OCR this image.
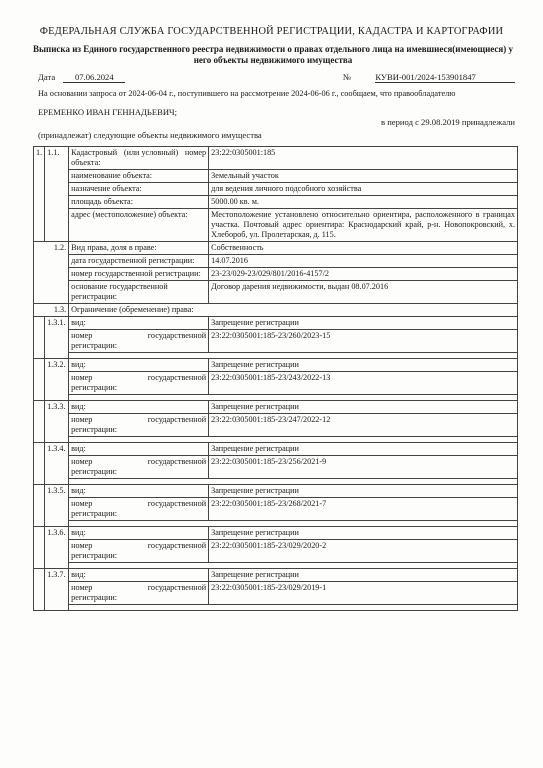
ФЕДЕРАЛЬНАЯ СЛУЖБА ГОСУДАРСТВЕННОЙ РЕГИСТРАЦИИ, КАДАСТРА И КАРТОГРАФИИ
Выписка из Единого государственного реестра недвижимости о правах отдельного лица на имевшиеся(имеющиеся) у него объекты недвижимого имущества
Дата 07.06.2024	№	КУВИ-001/2024-153901847
На основании запроса от 2024-06-04 г., поступившего на рассмотрение 2024-06-06 г., сообщаем, что правообладателю
ЕРЕМЕНКО ИВАН ГЕННАДЬЕВИЧ;
в период с 29.08.2019 принадлежали
(принадлежат) следующие объекты недвижимого имущества
1.	1.1.	Кадастровый (или условный) номер
объекта:	23:22:0305001:185
		наименование объекта:	Земельный участок
		назначение объекта:	для ведения личного подсобного хозяйства
		площадь объекта:	5000.00 кв. м.
		адрес (местоположение) объекта:	Местоположение установлено относительно ориентира, расположенного в границах участка. Почтовый адрес ориентира: Краснодарский край, р-н. Новопокровский, х. Хлебороб, ул. Пролетарская, д. 115.
1.2.		Вид права, доля в праве:	Собственность
		дата государственной регистрации:	14.07.2016
		номер государственной регистрации:	23-23/029-23/029/801/2016-4157/2
		основание государственной регистрации:	Договор дарения недвижимости, выдан 08.07.2016
1.3.		Ограничение (обременение) права:	
	1.3.1.	вид:	Запрещение регистрации

		номер государственной
регистрации:	23:22:0305001:185-23/260/2023-15

	1.3.2.	вид:	Запрещение регистрации

		номер государственной
регистрации:	23:22:0305001:185-23/243/2022-13

	1.3.3.	вид:	Запрещение регистрации

		номер государственной
регистрации:	23:22:0305001:185-23/247/2022-12

	1.3.4.	вид:	Запрещение регистрации

		номер государственной
регистрации:	23:22:0305001:185-23/256/2021-9

	1.3.5.	вид:	Запрещение регистрации

		номер государственной
регистрации:	23:22:0305001:185-23/268/2021-7

	1.3.6.	вид:	Запрещение регистрации

		номер государственной
регистрации:	23:22:0305001:185-23/029/2020-2

	1.3.7.	вид:	Запрещение регистрации

		номер государственной
регистрации:	23:22:0305001:185-23/029/2019-1
